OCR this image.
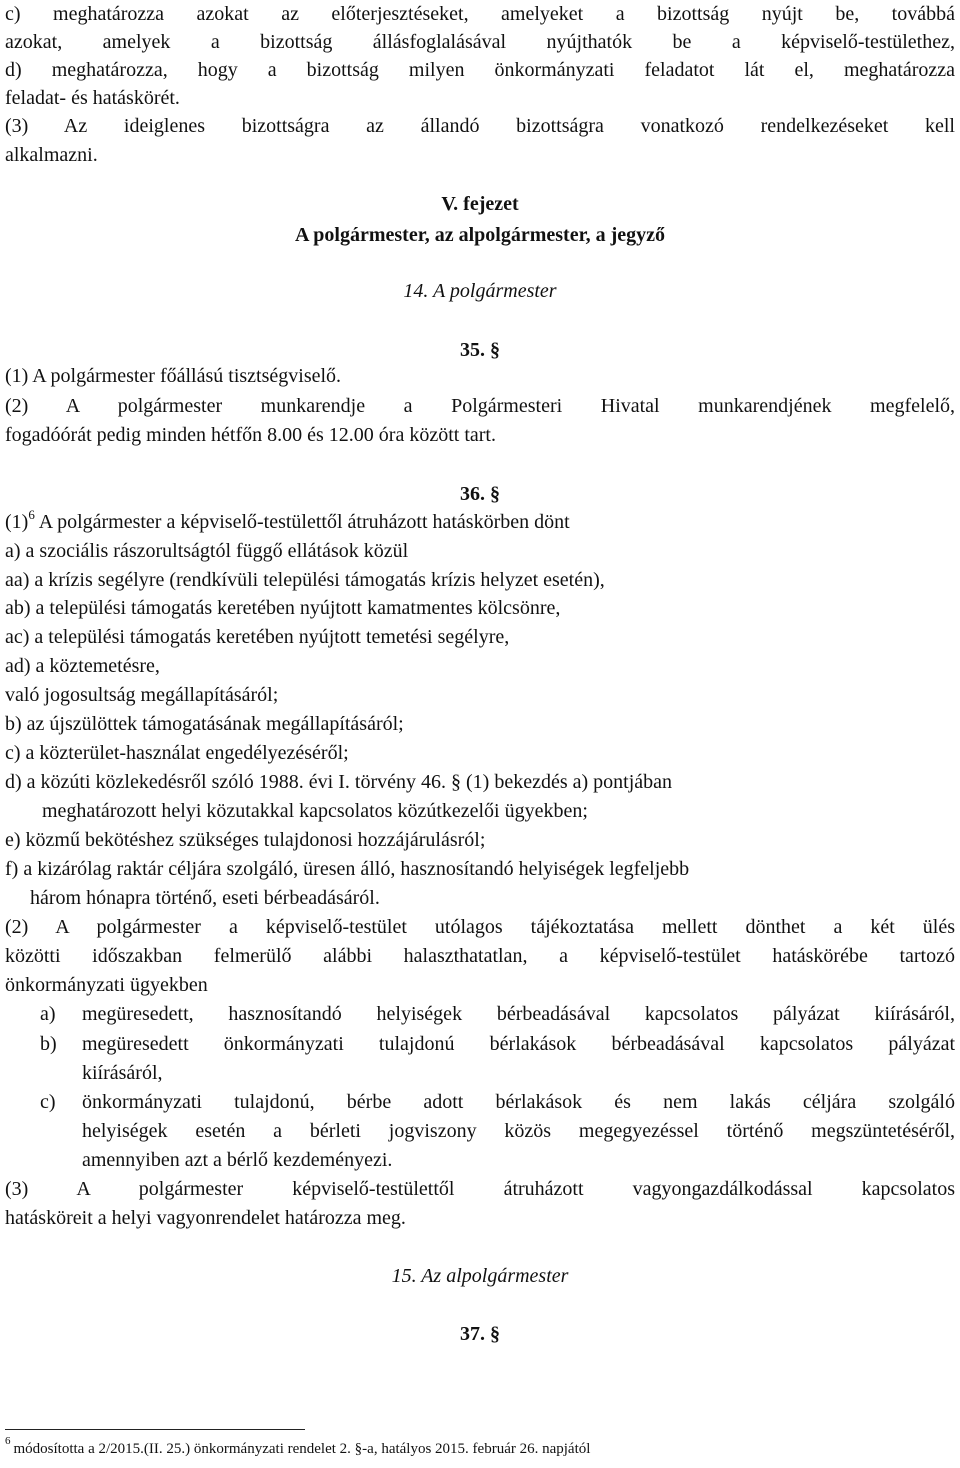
c) meghatározza azokat az előterjesztéseket, amelyeket a bizottság nyújt be, továbbá
azokat, amelyek a bizottság állásfoglalásával nyújthatók be a képviselő-testülethez,
d) meghatározza, hogy a bizottság milyen önkormányzati feladatot lát el, meghatározza
feladat- és hatáskörét.
(3) Az ideiglenes bizottságra az állandó bizottságra vonatkozó rendelkezéseket kell
alkalmazni.
V. fejezet
A polgármester, az alpolgármester, a jegyző
14. A polgármester
35. §
(1) A polgármester főállású tisztségviselő.
(2) A polgármester munkarendje a Polgármesteri Hivatal munkarendjének megfelelő,
fogadóórát pedig minden hétfőn 8.00 és 12.00 óra között tart.
36. §
$(1)^6$ A polgármester a képviselő-testülettől átruházott hatáskörben dönt
a) a szociális rászorultságtól függő ellátások közül
aa) a krízis segélyre (rendkívüli települési támogatás krízis helyzet esetén),
ab) a települési támogatás keretében nyújtott kamatmentes kölcsönre,
ac) a települési támogatás keretében nyújtott temetési segélyre,
ad) a köztemetésre,
való jogosultság megállapításáról;
b) az újszülöttek támogatásának megállapításáról;
c) a közterület-használat engedélyezéséről;
d) a közúti közlekedésről szóló 1988. évi I. törvény 46. § (1) bekezdés a) pontjában
meghatározott helyi közutakkal kapcsolatos közútkezelői ügyekben;
e) közmű bekötéshez szükséges tulajdonosi hozzájárulásról;
f) a kizárólag raktár céljára szolgáló, üresen álló, hasznosítandó helyiségek legfeljebb
három hónapra történő, eseti bérbeadásáról.
(2) A polgármester a képviselő-testület utólagos tájékoztatása mellett dönthet a két ülés
közötti időszakban felmerülő alábbi halaszthatatlan, a képviselő-testület hatáskörébe tartozó
önkormányzati ügyekben
a)	megüresedett, hasznosítandó helyiségek bérbeadásával kapcsolatos pályázat kiírásáról,
b)	megüresedett önkormányzati tulajdonú bérlakások bérbeadásával kapcsolatos pályázat
kiírásáról,
c)	önkormányzati tulajdonú, bérbe adott bérlakások és nem lakás céljára szolgáló
helyiségek esetén a bérleti jogviszony közös megegyezéssel történő megszüntetéséről,
amennyiben azt a bérlő kezdeményezi.
(3) A polgármester képviselő-testülettől átruházott vagyongazdálkodással kapcsolatos
hatásköreit a helyi vagyonrendelet határozza meg.
15. Az alpolgármester
37. §
$^6$ módosította a 2/2015.(II. 25.) önkormányzati rendelet 2. §-a, hatályos 2015. február 26. napjától
